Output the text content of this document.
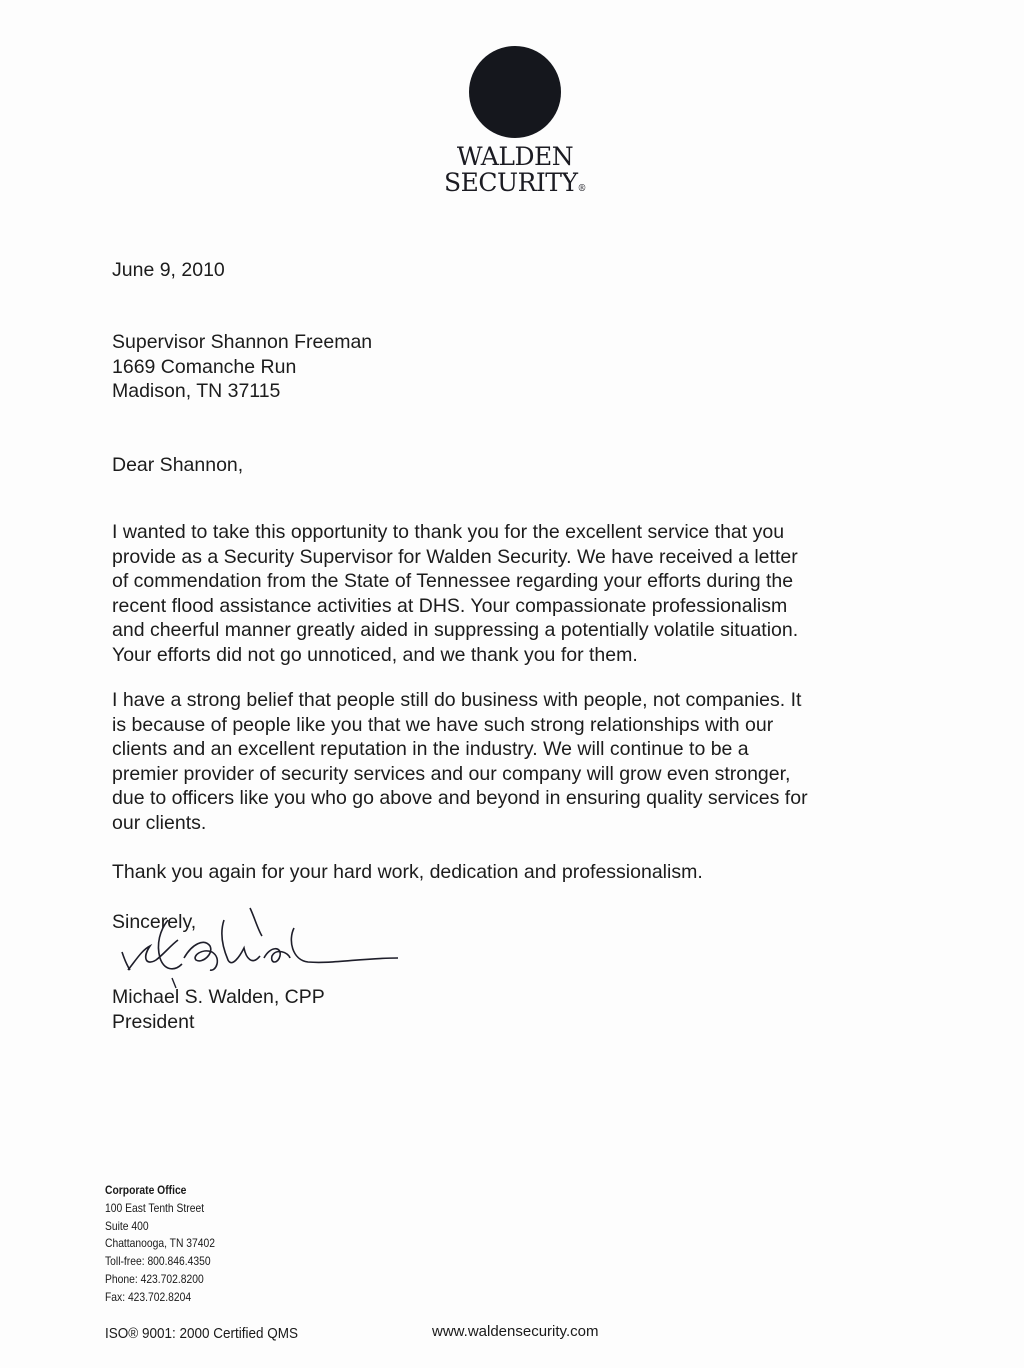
WALDEN
SECURITY®
June 9, 2010
Supervisor Shannon Freeman
1669 Comanche Run
Madison, TN 37115
Dear Shannon,
I wanted to take this opportunity to thank you for the excellent service that you
provide as a Security Supervisor for Walden Security. We have received a letter
of commendation from the State of Tennessee regarding your efforts during the
recent flood assistance activities at DHS. Your compassionate professionalism
and cheerful manner greatly aided in suppressing a potentially volatile situation.
Your efforts did not go unnoticed, and we thank you for them.
I have a strong belief that people still do business with people, not companies. It
is because of people like you that we have such strong relationships with our
clients and an excellent reputation in the industry. We will continue to be a
premier provider of security services and our company will grow even stronger,
due to officers like you who go above and beyond in ensuring quality services for
our clients.
Thank you again for your hard work, dedication and professionalism.
Sincerely,
Michael S. Walden, CPP
President
Corporate Office
100 East Tenth Street
Suite 400
Chattanooga, TN 37402
Toll-free: 800.846.4350
Phone: 423.702.8200
Fax: 423.702.8204
ISO® 9001: 2000 Certified QMS	www.waldensecurity.com
